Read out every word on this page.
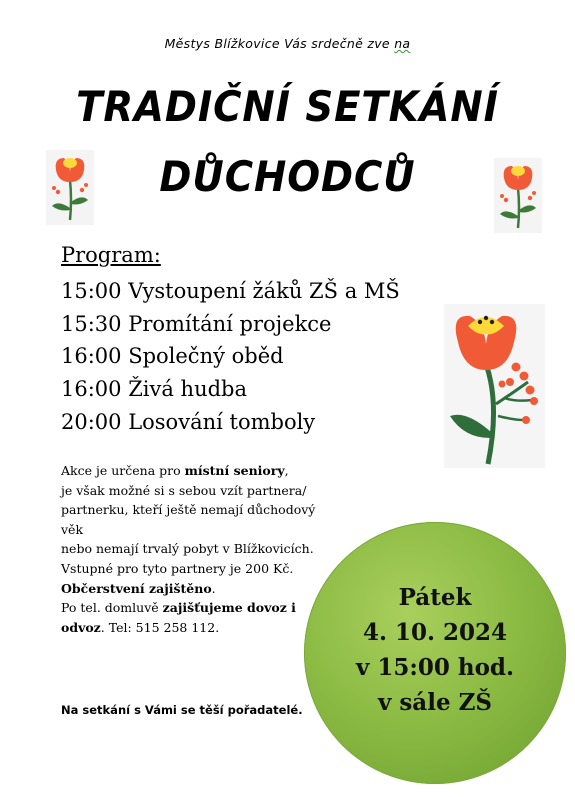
Městys Blížkovice Vás srdečně zve na
TRADIČNÍ SETKÁNÍ
DŮCHODCŮ
Program:
15:00 Vystoupení žáků ZŠ a MŠ
15:30 Promítání projekce
16:00 Společný oběd
16:00 Živá hudba
20:00 Losování tomboly
Akce je určena pro místní seniory,
je však možné si s sebou vzít partnera/
partnerku, kteří ještě nemají důchodový věk
nebo nemají trvalý pobyt v Blížkovicích.
Vstupné pro tyto partnery je 200 Kč.
Občerstvení zajištěno.
Po tel. domluvě zajišťujeme dovoz i
odvoz. Tel: 515 258 112.
Na setkání s Vámi se těší pořadatelé.
Pátek
4. 10. 2024
v 15:00 hod.
v sále ZŠ
